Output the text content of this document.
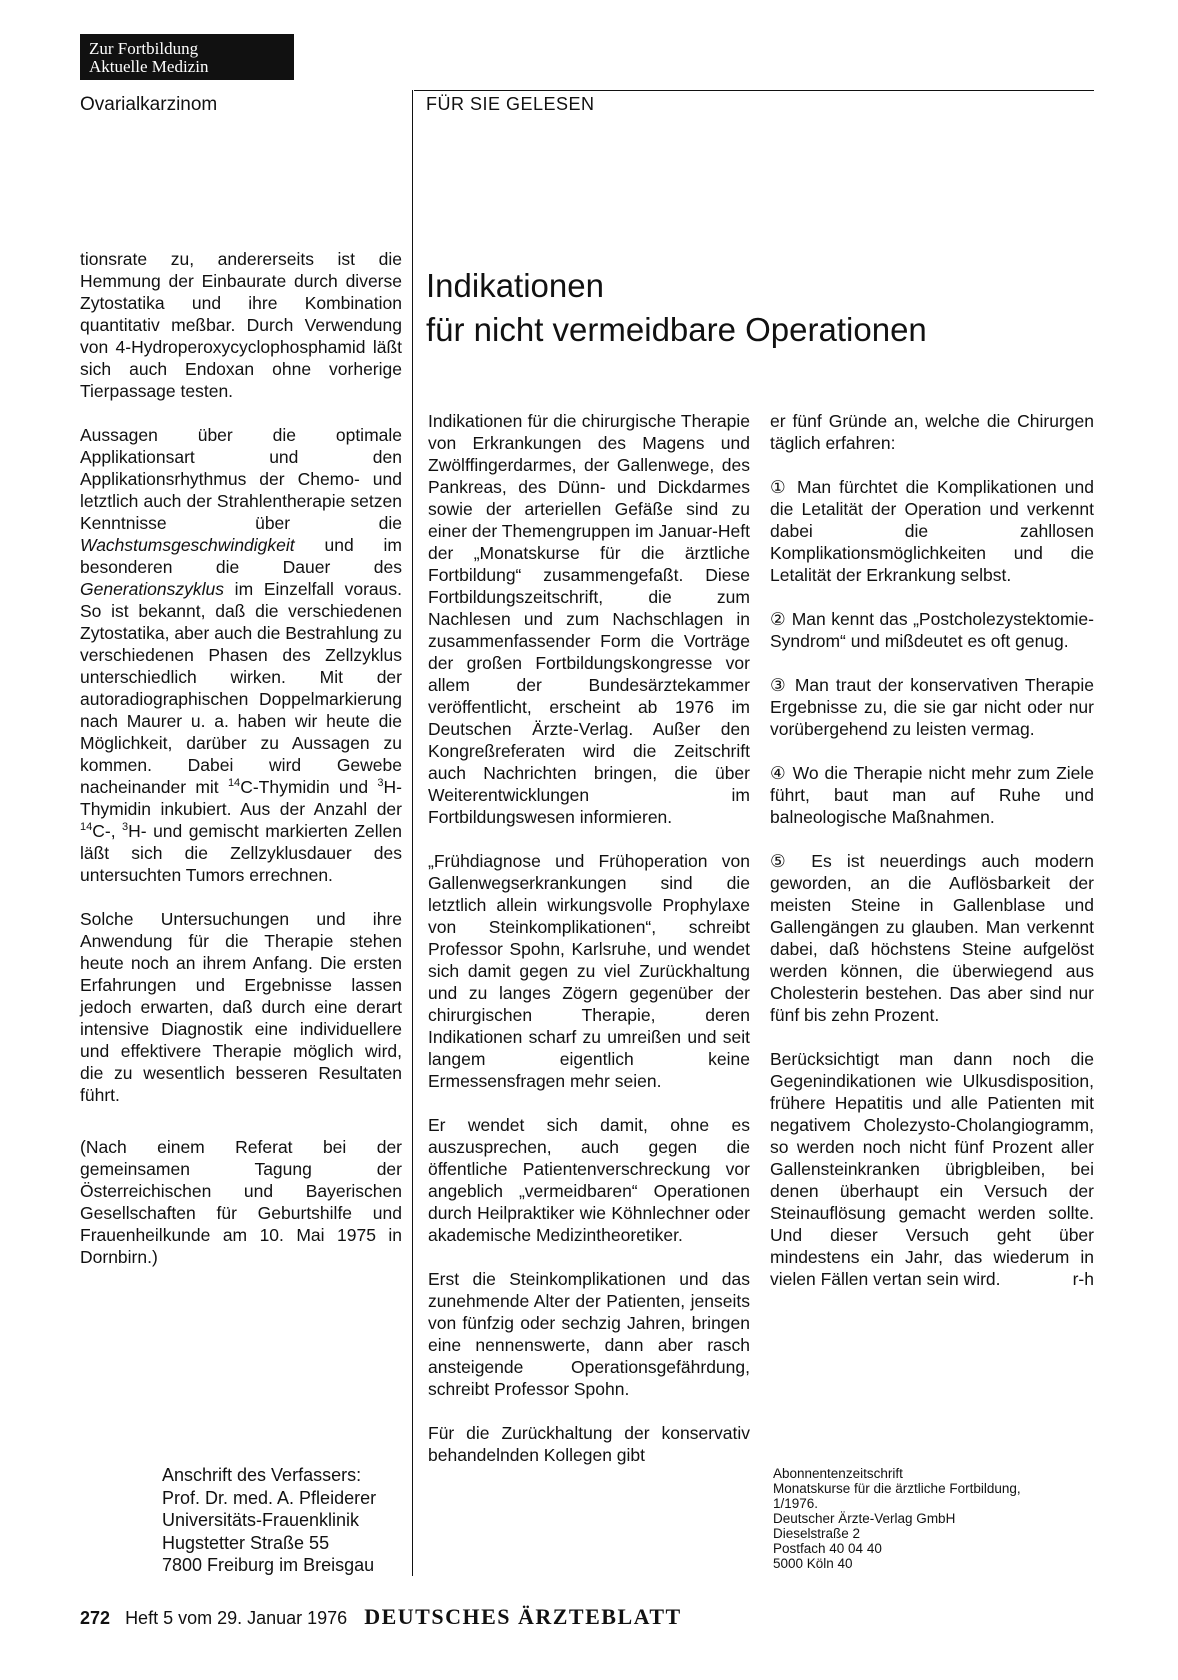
Zur Fortbildung
Aktuelle Medizin
Ovarialkarzinom	FÜR SIE GELESEN
Indikationen
für nicht vermeidbare Operationen

tionsrate zu, andererseits ist die Hemmung der Einbaurate durch diverse Zytostatika und ihre Kombination quantitativ meßbar. Durch Verwendung von 4-Hydroperoxycyclophosphamid läßt sich auch Endoxan ohne vorherige Tierpassage testen.

Aussagen über die optimale Applikationsart und den Applikationsrhythmus der Chemo- und letztlich auch der Strahlentherapie setzen Kenntnisse über die Wachstumsgeschwindigkeit und im besonderen die Dauer des Generationszyklus im Einzelfall voraus. So ist bekannt, daß die verschiedenen Zytostatika, aber auch die Bestrahlung zu verschiedenen Phasen des Zellzyklus unterschiedlich wirken. Mit der autoradiographischen Doppelmarkierung nach Maurer u. a. haben wir heute die Möglichkeit, darüber zu Aussagen zu kommen. Dabei wird Gewebe nacheinander mit $^{14}$C-Thymidin und $^3$H-Thymidin inkubiert. Aus der Anzahl der $^{14}$C-, $^3$H- und gemischt markierten Zellen läßt sich die Zellzyklusdauer des untersuchten Tumors errechnen.

Solche Untersuchungen und ihre Anwendung für die Therapie stehen heute noch an ihrem Anfang. Die ersten Erfahrungen und Ergebnisse lassen jedoch erwarten, daß durch eine derart intensive Diagnostik eine individuellere und effektivere Therapie möglich wird, die zu wesentlich besseren Resultaten führt.

(Nach einem Referat bei der gemeinsamen Tagung der Österreichischen und Bayerischen Gesellschaften für Geburtshilfe und Frauenheilkunde am 10. Mai 1975 in Dornbirn.)

Anschrift des Verfassers:
Prof. Dr. med. A. Pfleiderer
Universitäts-Frauenklinik
Hugstetter Straße 55
7800 Freiburg im Breisgau

Indikationen für die chirurgische Therapie von Erkrankungen des Magens und Zwölffingerdarmes, der Gallenwege, des Pankreas, des Dünn- und Dickdarmes sowie der arteriellen Gefäße sind zu einer der Themengruppen im Januar-Heft der „Monatskurse für die ärztliche Fortbildung“ zusammengefaßt. Diese Fortbildungszeitschrift, die zum Nachlesen und zum Nachschlagen in zusammenfassender Form die Vorträge der großen Fortbildungskongresse vor allem der Bundesärztekammer veröffentlicht, erscheint ab 1976 im Deutschen Ärzte-Verlag. Außer den Kongreßreferaten wird die Zeitschrift auch Nachrichten bringen, die über Weiterentwicklungen im Fortbildungswesen informieren.

„Frühdiagnose und Frühoperation von Gallenwegserkrankungen sind die letztlich allein wirkungsvolle Prophylaxe von Steinkomplikationen“, schreibt Professor Spohn, Karlsruhe, und wendet sich damit gegen zu viel Zurückhaltung und zu langes Zögern gegenüber der chirurgischen Therapie, deren Indikationen scharf zu umreißen und seit langem eigentlich keine Ermessensfragen mehr seien.

Er wendet sich damit, ohne es auszusprechen, auch gegen die öffentliche Patientenverschreckung vor angeblich „vermeidbaren“ Operationen durch Heilpraktiker wie Köhnlechner oder akademische Medizintheoretiker.

Erst die Steinkomplikationen und das zunehmende Alter der Patienten, jenseits von fünfzig oder sechzig Jahren, bringen eine nennenswerte, dann aber rasch ansteigende Operationsgefährdung, schreibt Professor Spohn.

Für die Zurückhaltung der konservativ behandelnden Kollegen gibt

er fünf Gründe an, welche die Chirurgen täglich erfahren:

① Man fürchtet die Komplikationen und die Letalität der Operation und verkennt dabei die zahllosen Komplikationsmöglichkeiten und die Letalität der Erkrankung selbst.

② Man kennt das „Postcholezystektomie-Syndrom“ und mißdeutet es oft genug.

③ Man traut der konservativen Therapie Ergebnisse zu, die sie gar nicht oder nur vorübergehend zu leisten vermag.

④ Wo die Therapie nicht mehr zum Ziele führt, baut man auf Ruhe und balneologische Maßnahmen.

⑤ Es ist neuerdings auch modern geworden, an die Auflösbarkeit der meisten Steine in Gallenblase und Gallengängen zu glauben. Man verkennt dabei, daß höchstens Steine aufgelöst werden können, die überwiegend aus Cholesterin bestehen. Das aber sind nur fünf bis zehn Prozent.

Berücksichtigt man dann noch die Gegenindikationen wie Ulkusdisposition, frühere Hepatitis und alle Patienten mit negativem Cholezysto-Cholangiogramm, so werden noch nicht fünf Prozent aller Gallensteinkranken übrigbleiben, bei denen überhaupt ein Versuch der Steinauflösung gemacht werden sollte. Und dieser Versuch geht über mindestens ein Jahr, das wiederum in vielen Fällen vertan sein wird.	r-h

Abonnentenzeitschrift
Monatskurse für die ärztliche Fortbildung,
1/1976.
Deutscher Ärzte-Verlag GmbH
Dieselstraße 2
Postfach 40 04 40
5000 Köln 40
272 Heft 5 vom 29. Januar 1976 DEUTSCHES ÄRZTEBLATT
